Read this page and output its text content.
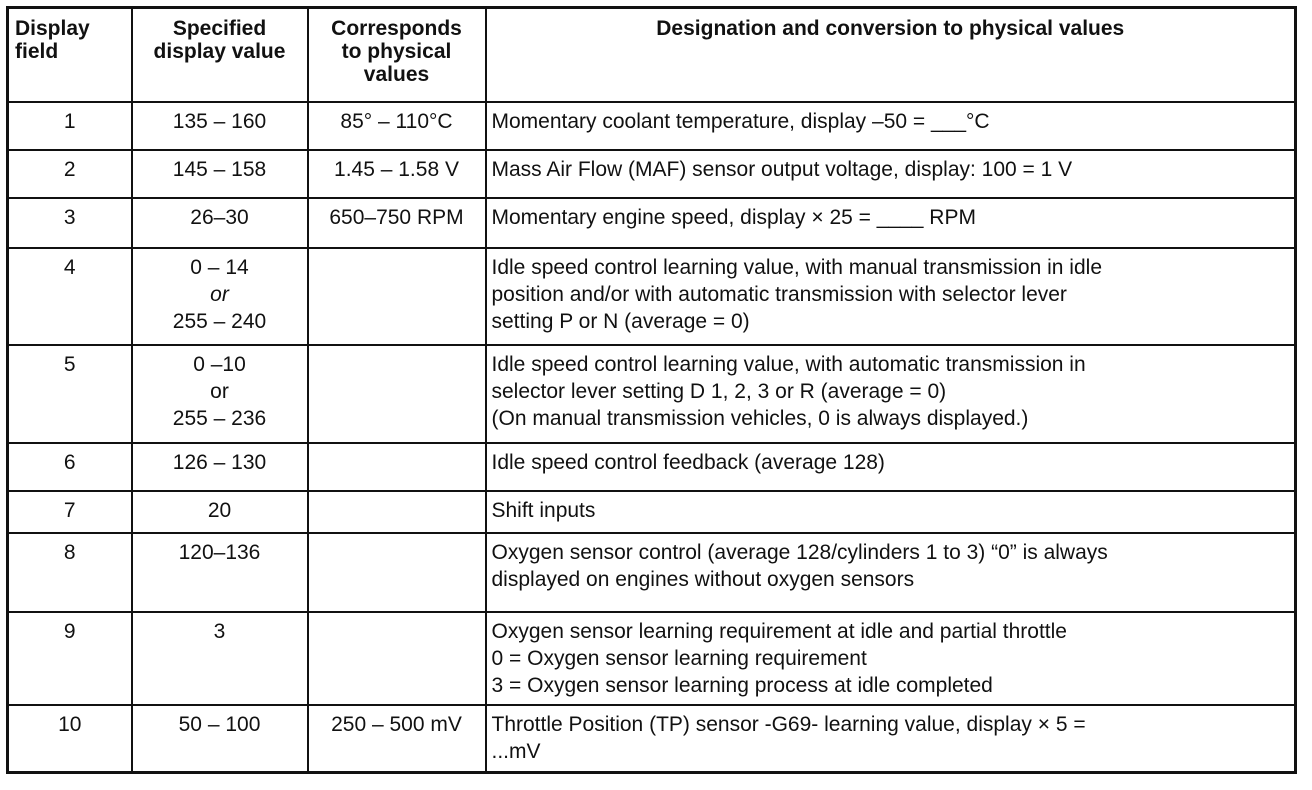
Display
field	Specified
display value	Corresponds
to physical
values	Designation and conversion to physical values
1	135 – 160	85° – 110°C	Momentary coolant temperature, display –50 = ___°C

2	145 – 158	1.45 – 1.58 V	Mass Air Flow (MAF) sensor output voltage, display: 100 = 1 V

3	26–30	650–750 RPM	Momentary engine speed, display × 25 = ____ RPM

4	0 – 14
or
255 – 240		Idle speed control learning value, with manual transmission in idle
position and/or with automatic transmission with selector lever
setting P or N (average = 0)

5	0 –10
or
255 – 236		Idle speed control learning value, with automatic transmission in
selector lever setting D 1, 2, 3 or R (average = 0)
(On manual transmission vehicles, 0 is always displayed.)

6	126 – 130		Idle speed control feedback (average 128)

7	20		Shift inputs

8	120–136		Oxygen sensor control (average 128/cylinders 1 to 3) “0” is always
displayed on engines without oxygen sensors

9	3		Oxygen sensor learning requirement at idle and partial throttle
0 = Oxygen sensor learning requirement
3 = Oxygen sensor learning process at idle completed

10	50 – 100	250 – 500 mV	Throttle Position (TP) sensor -G69- learning value, display × 5 =
...mV
